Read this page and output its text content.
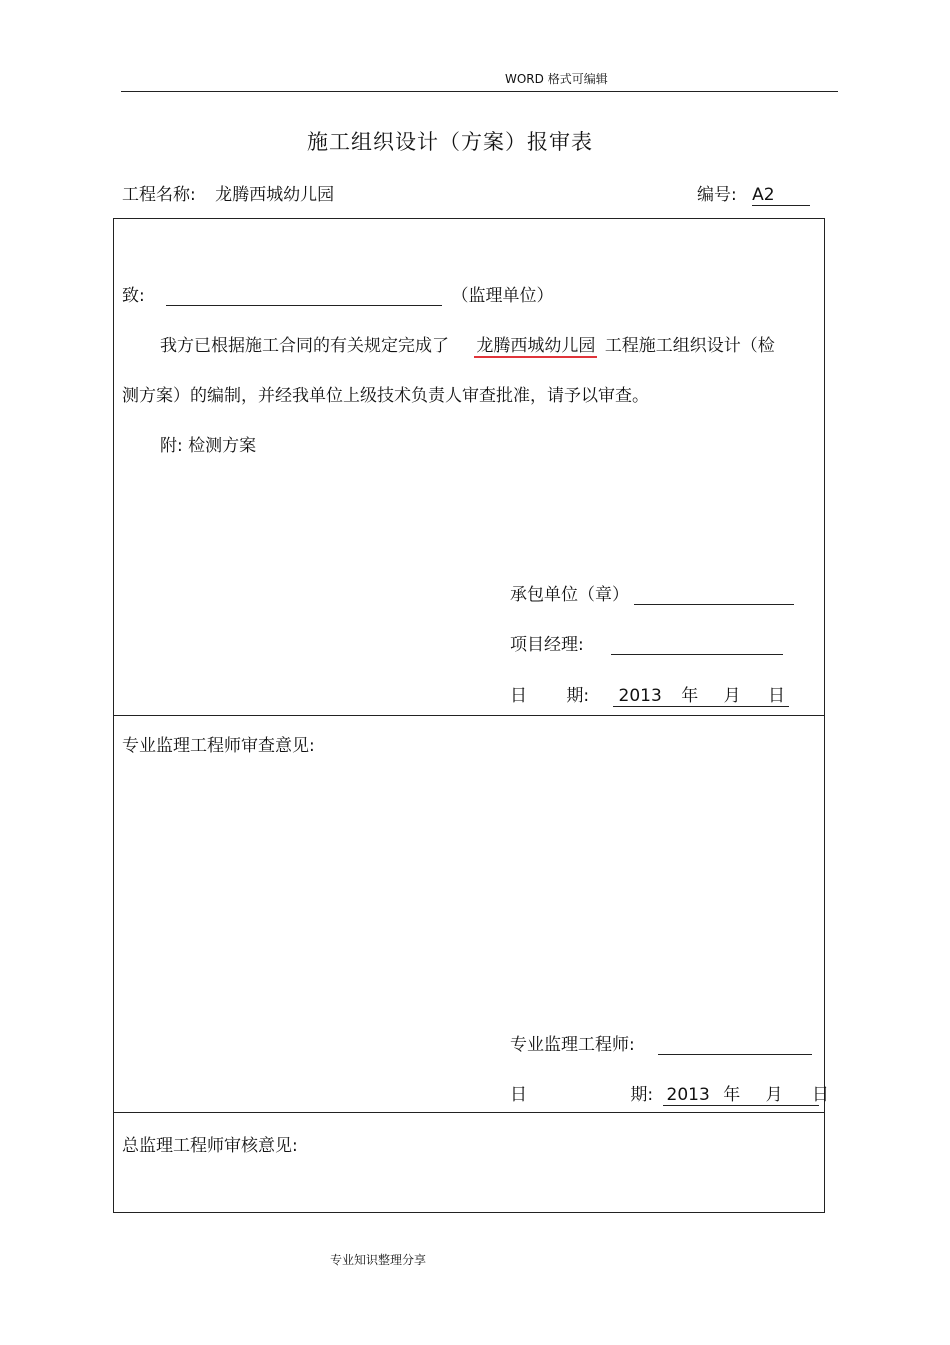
WORD 格式可编辑
施工组织设计（方案）报审表
工程名称: 龙腾西城幼儿园	编号: A2
致:	（监理单位）
我方已根据施工合同的有关规定完成了 龙腾西城幼儿园 工程施工组织设计（检
测方案）的编制，并经我单位上级技术负责人审查批准，请予以审查。
附: 检测方案
承包单位（章）
项目经理:
日 期: 2013 年 月 日
专业监理工程师审查意见:
专业监理工程师:
日	期: 2013 年 月 日
总监理工程师审核意见:
专业知识整理分享
